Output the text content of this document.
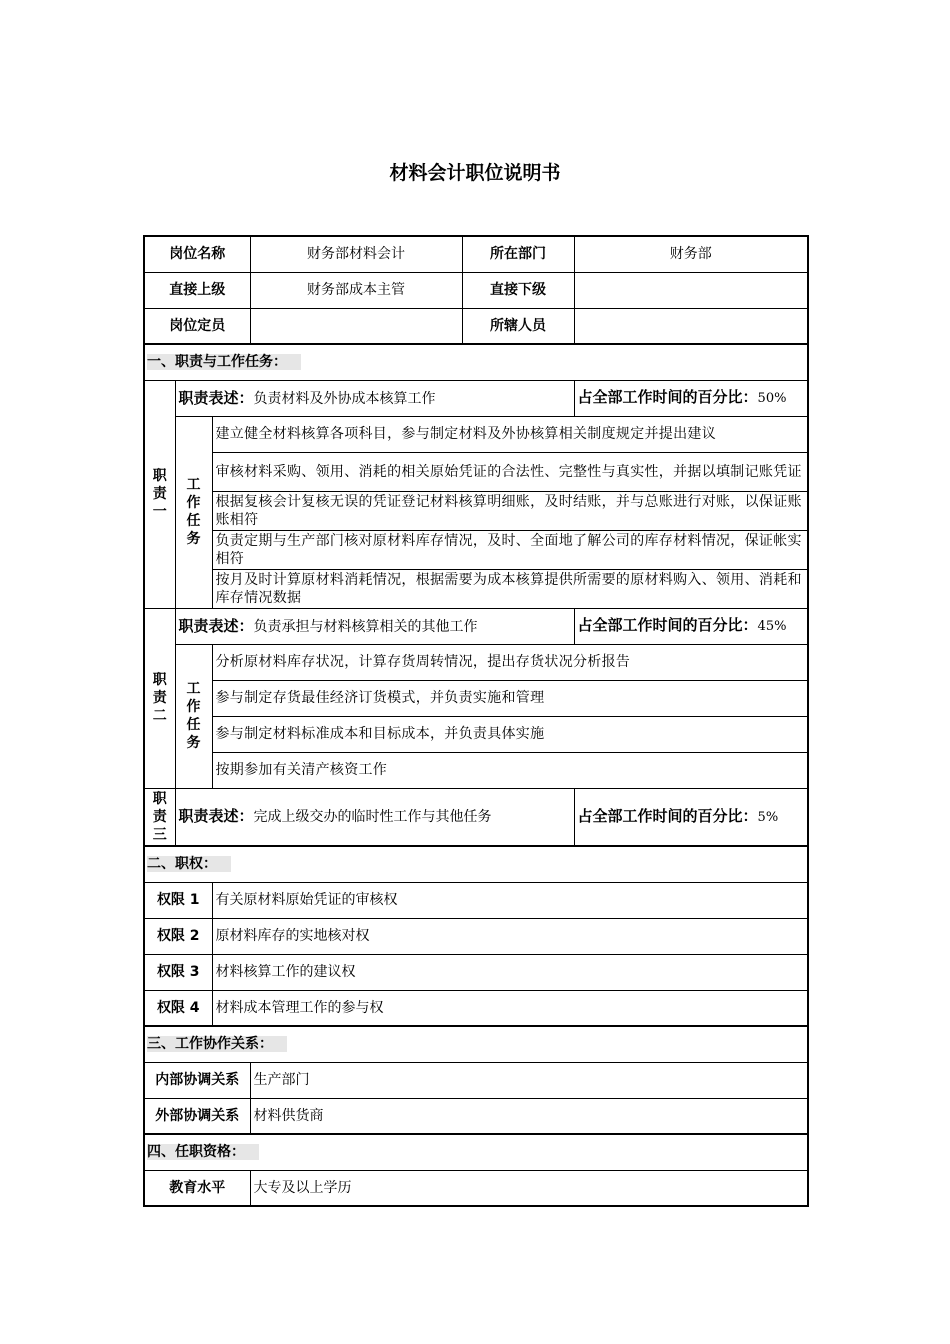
材料会计职位说明书
岗位名称			财务部材料会计	所在部门	财务部
直接上级			财务部成本主管	直接下级	
岗位定员				所辖人员	
一、职责与工作任务：					

职
责
一	职责表述：负责材料及外协成本核算工作				占全部工作时间的百分比：50%

	工
作
任
务	建立健全材料核算各项科目，参与制定材料及外协核算相关制度规定并提出建议			
		审核材料采购、领用、消耗的相关原始凭证的合法性、完整性与真实性，并据以填制记账凭证			
		根据复核会计复核无误的凭证登记材料核算明细账，及时结账，并与总账进行对账，以保证账账相符			
		负责定期与生产部门核对原材料库存情况，及时、全面地了解公司的库存材料情况，保证帐实相符			
		按月及时计算原材料消耗情况，根据需要为成本核算提供所需要的原材料购入、领用、消耗和库存情况数据			

职
责
二	职责表述：负责承担与材料核算相关的其他工作				占全部工作时间的百分比：45%

	工
作
任
务	分析原材料库存状况，计算存货周转情况，提出存货状况分析报告			
		参与制定存货最佳经济订货模式，并负责实施和管理			
		参与制定材料标准成本和目标成本，并负责具体实施			
		按期参加有关清产核资工作			

职
责
三	职责表述：完成上级交办的临时性工作与其他任务				占全部工作时间的百分比：5%
二、职权：					
权限 1		有关原材料原始凭证的审核权			
权限 2		原材料库存的实地核对权			
权限 3		材料核算工作的建议权			
权限 4		材料成本管理工作的参与权			
三、工作协作关系：					
内部协调关系			生产部门		
外部协调关系			材料供货商		
四、任职资格：					
教育水平			大专及以上学历		
